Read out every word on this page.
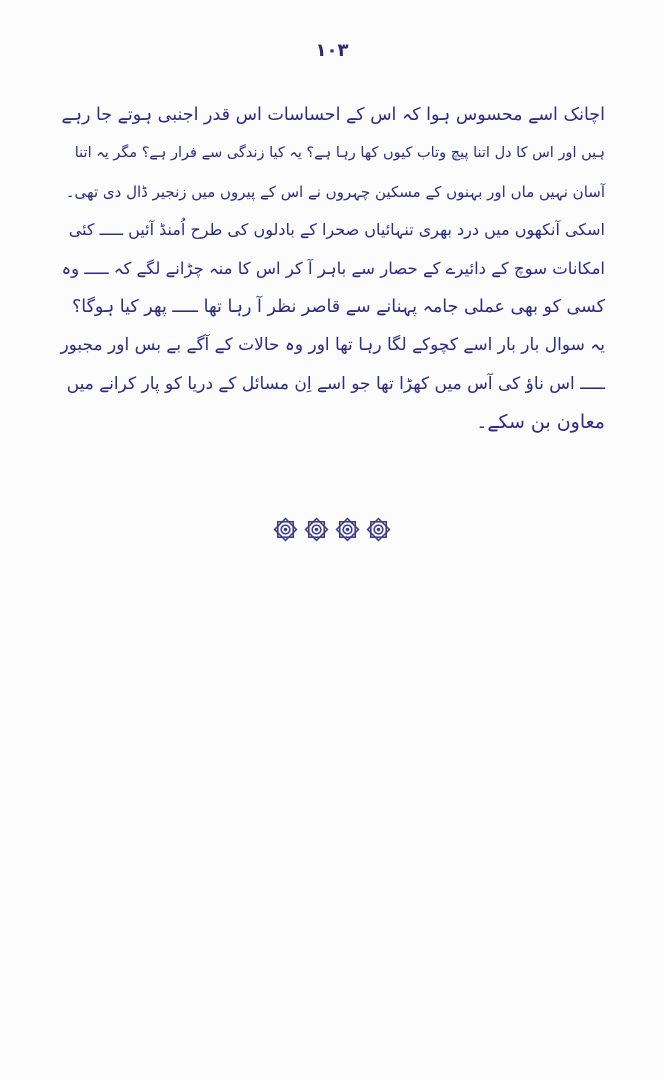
۱۰۳
اچانک اسے محسوس ہوا کہ اس کے احساسات اس قدر اجنبی ہوتے جا رہے
ہیں اور اس کا دل اتنا پیچ وتاب کیوں کھا رہا ہے؟ یہ کیا زندگی سے فرار ہے؟ مگر یہ اتنا
آسان نہیں ماں اور بہنوں کے مسکین چہروں نے اس کے پیروں میں زنجیر ڈال دی تھی۔
اسکی آنکھوں میں درد بھری تنہائیاں صحرا کے بادلوں کی طرح اُمنڈ آئیں ـــــ کئی
امکانات سوچ کے دائیرے کے حصار سے باہر آ کر اس کا منہ چڑانے لگے کہ ـــــ وہ
کسی کو بھی عملی جامہ پہنانے سے قاصر نظر آ رہا تھا ـــــ پھر کیا ہوگا؟
یہ سوال بار بار اسے کچوکے لگا رہا تھا اور وہ حالات کے آگے بے بس اور مجبور
ـــــ اس ناؤ کی آس میں کھڑا تھا جو اسے اِن مسائل کے دریا کو پار کرانے میں
معاون بن سکے۔
